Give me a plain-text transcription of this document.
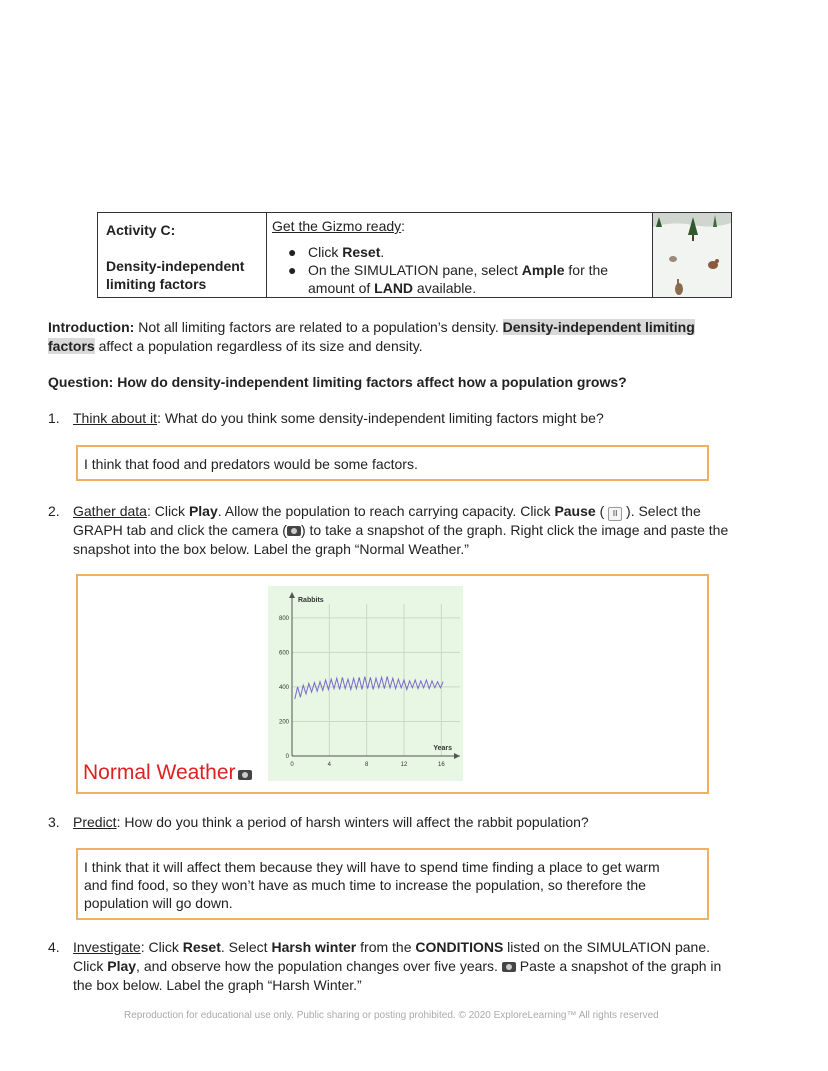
Activity C:
Density-independent
limiting factors
Get the Gizmo ready:
● Click Reset.
● On the SIMULATION pane, select Ample for the
amount of LAND available.
Introduction: Not all limiting factors are related to a population’s density. Density-independent limiting
factors affect a population regardless of its size and density.
Question: How do density-independent limiting factors affect how a population grows?
1. Think about it: What do you think some density-independent limiting factors might be?
I think that food and predators would be some factors.
2. Gather data: Click Play. Allow the population to reach carrying capacity. Click Pause ( II ). Select the
GRAPH tab and click the camera ( ) to take a snapshot of the graph. Right click the image and paste the
snapshot into the box below. Label the graph “Normal Weather.”
0	4	8	12	16
0
200
400
600
800
Rabbits
Years
Normal Weather
3. Predict: How do you think a period of harsh winters will affect the rabbit population?
I think that it will affect them because they will have to spend time finding a place to get warm
and find food, so they won’t have as much time to increase the population, so therefore the
population will go down.
4. Investigate: Click Reset. Select Harsh winter from the CONDITIONS listed on the SIMULATION pane.
Click Play, and observe how the population changes over five years.  Paste a snapshot of the graph in
the box below. Label the graph “Harsh Winter.”
Reproduction for educational use only. Public sharing or posting prohibited. © 2020 ExploreLearning™ All rights reserved
